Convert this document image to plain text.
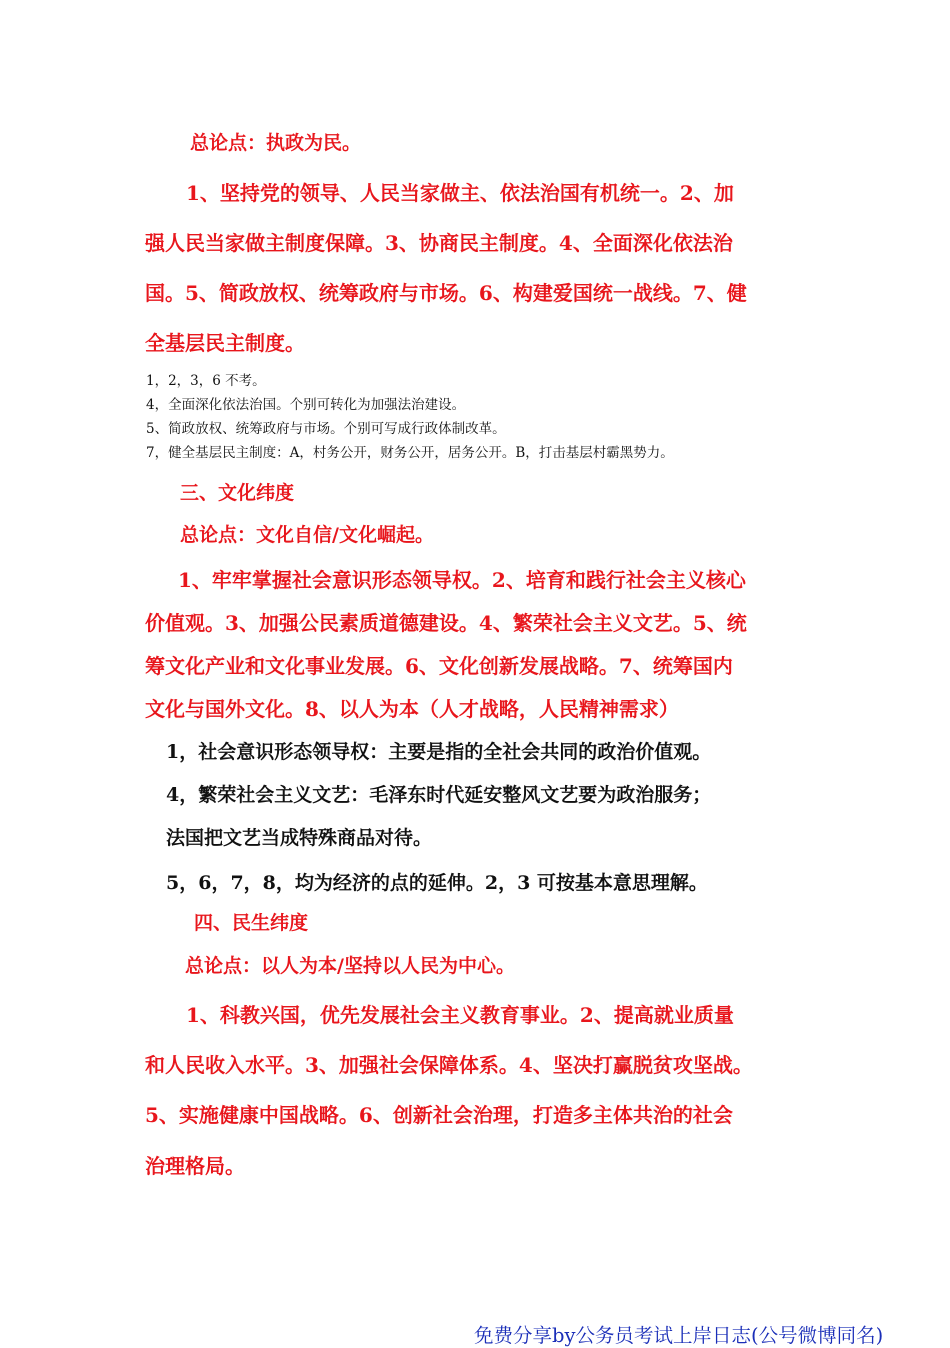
总论点：执政为民。

1、坚持党的领导、人民当家做主、依法治国有机统一。2、加

强人民当家做主制度保障。3、协商民主制度。4、全面深化依法治

国。5、简政放权、统筹政府与市场。6、构建爱国统一战线。7、健

全基层民主制度。

1，2，3，6 不考。

4，全面深化依法治国。个别可转化为加强法治建设。

5、简政放权、统筹政府与市场。个别可写成行政体制改革。

7，健全基层民主制度：A，村务公开，财务公开，居务公开。B，打击基层村霸黑势力。

三、文化纬度

总论点：文化自信/文化崛起。

1、牢牢掌握社会意识形态领导权。2、培育和践行社会主义核心

价值观。3、加强公民素质道德建设。4、繁荣社会主义文艺。5、统

筹文化产业和文化事业发展。6、文化创新发展战略。7、统筹国内

文化与国外文化。8、以人为本（人才战略，人民精神需求）

1，社会意识形态领导权：主要是指的全社会共同的政治价值观。

4，繁荣社会主义文艺：毛泽东时代延安整风文艺要为政治服务；

法国把文艺当成特殊商品对待。

5，6，7，8，均为经济的点的延伸。2，3 可按基本意思理解。

四、民生纬度

总论点：以人为本/坚持以人民为中心。

1、科教兴国，优先发展社会主义教育事业。2、提高就业质量

和人民收入水平。3、加强社会保障体系。4、坚决打赢脱贫攻坚战。

5、实施健康中国战略。6、创新社会治理，打造多主体共治的社会

治理格局。

免费分享by公务员考试上岸日志(公号微博同名)
